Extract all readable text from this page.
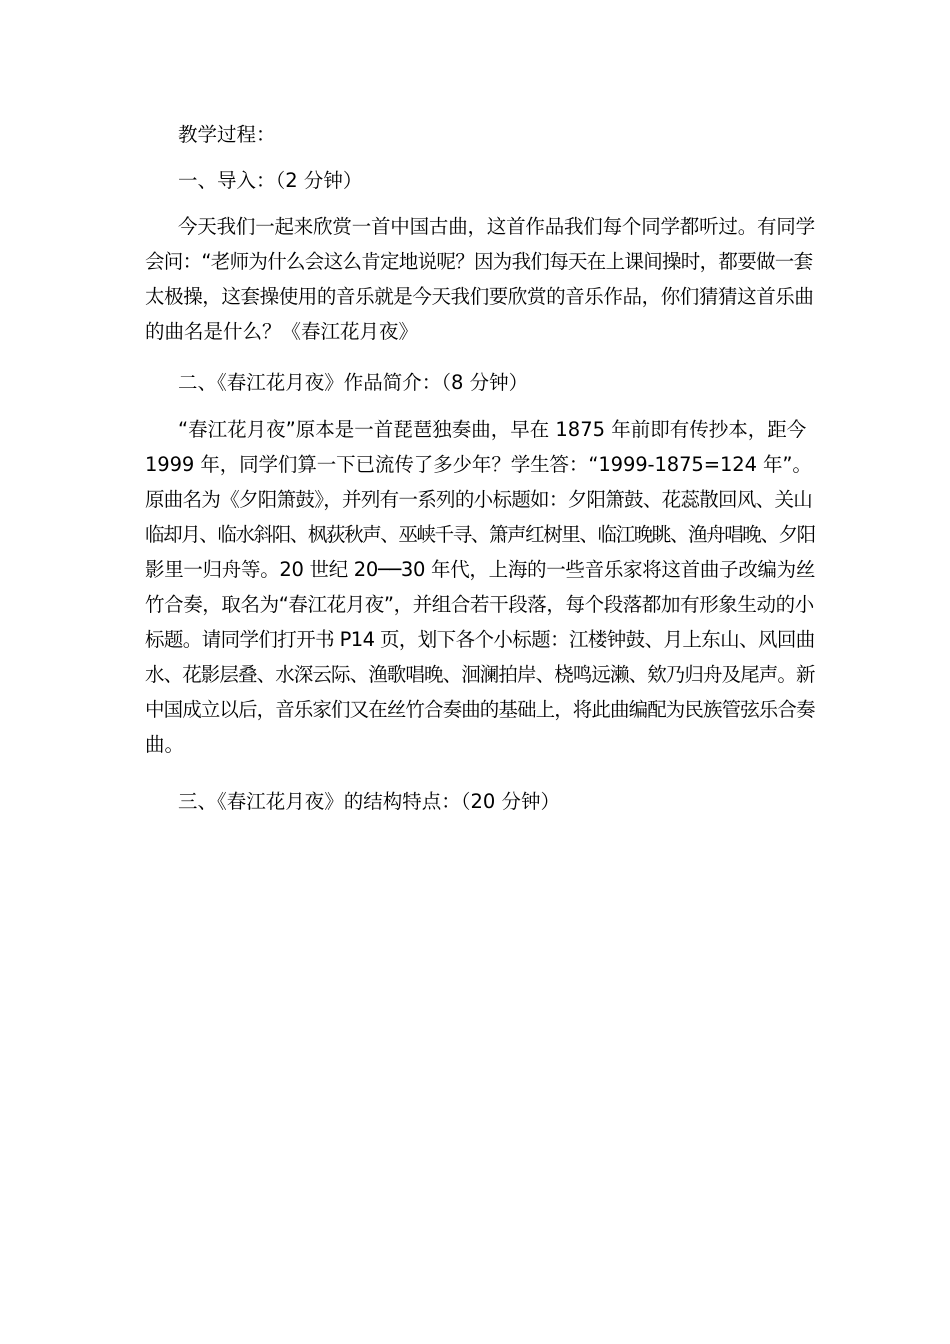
教学过程：
一、导入：（2 分钟）
今天我们一起来欣赏一首中国古曲，这首作品我们每个同学都听过。有同学
会问：“老师为什么会这么肯定地说呢？因为我们每天在上课间操时，都要做一套
太极操，这套操使用的音乐就是今天我们要欣赏的音乐作品，你们猜猜这首乐曲
的曲名是什么？《春江花月夜》
二、《春江花月夜》作品简介：（8 分钟）
“春江花月夜”原本是一首琵琶独奏曲，早在 1875 年前即有传抄本，距今
1999 年，同学们算一下已流传了多少年？学生答：“1999-1875=124 年”。
原曲名为《夕阳箫鼓》，并列有一系列的小标题如：夕阳箫鼓、花蕊散回风、关山
临却月、临水斜阳、枫荻秋声、巫峡千寻、箫声红树里、临江晚眺、渔舟唱晚、夕阳
影里一归舟等。20 世纪 20──30 年代，上海的一些音乐家将这首曲子改编为丝
竹合奏，取名为“春江花月夜”，并组合若干段落，每个段落都加有形象生动的小
标题。请同学们打开书 P14 页，划下各个小标题：江楼钟鼓、月上东山、风回曲
水、花影层叠、水深云际、渔歌唱晚、洄澜拍岸、桡鸣远濑、欸乃归舟及尾声。新
中国成立以后，音乐家们又在丝竹合奏曲的基础上，将此曲编配为民族管弦乐合奏
曲。
三、《春江花月夜》的结构特点：（20 分钟）
